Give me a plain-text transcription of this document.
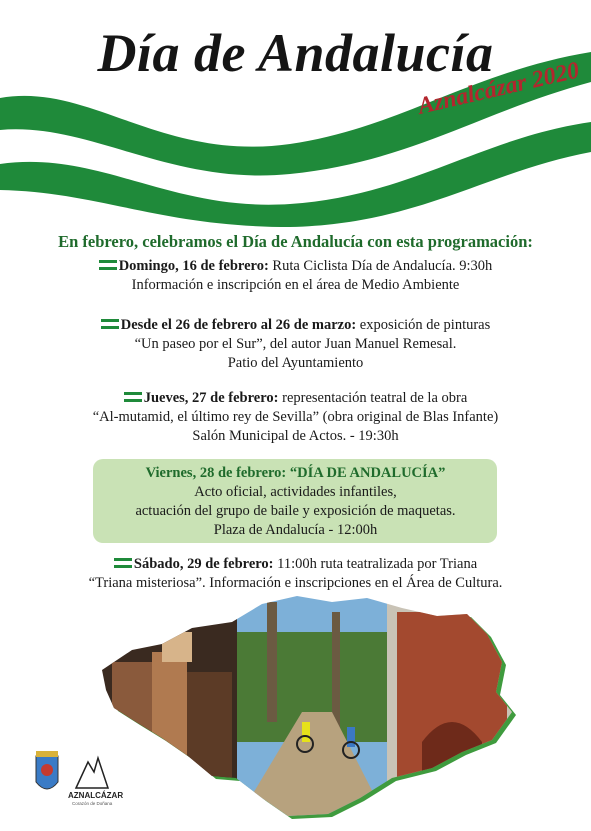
Día de Andalucía
Aznalcázar 2020
En febrero, celebramos el Día de Andalucía con esta programación:
Domingo, 16 de febrero: Ruta Ciclista Día de Andalucía. 9:30h
Información e inscripción en el área de Medio Ambiente
Desde el 26 de febrero al 26 de marzo: exposición de pinturas
“Un paseo por el Sur”, del autor Juan Manuel Remesal.
Patio del Ayuntamiento
Jueves, 27 de febrero: representación teatral de la obra
“Al-mutamid, el último rey de Sevilla” (obra original de Blas Infante)
Salón Municipal de Actos. - 19:30h
Viernes, 28 de febrero: “DÍA DE ANDALUCÍA”
Acto oficial, actividades infantiles,
actuación del grupo de baile y exposición de maquetas.
Plaza de Andalucía - 12:00h
Sábado, 29 de febrero: 11:00h ruta teatralizada por Triana
“Triana misteriosa”. Información e inscripciones en el Área de Cultura.
AZNALCÁZAR
Corazón de Doñana
